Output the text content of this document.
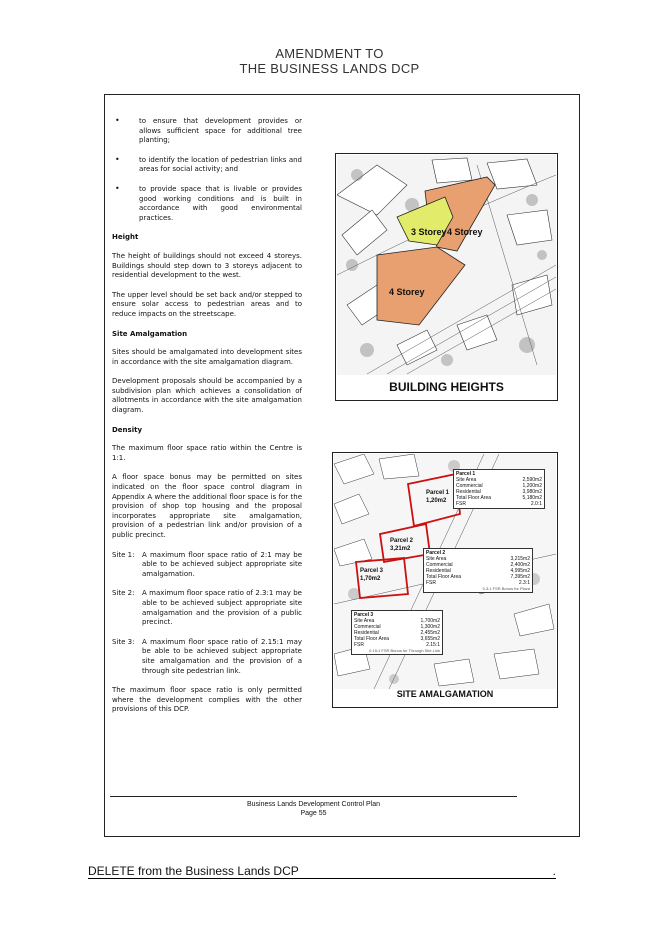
AMENDMENT TO
THE BUSINESS LANDS DCP
•	to ensure that development provides or allows sufficient space for additional tree planting;
•	to identify the location of pedestrian links and areas for social activity; and
•	to provide space that is livable or provides good working conditions and is built in accordance with good environmental practices.
Height

The height of buildings should not exceed 4 storeys. Buildings should step down to 3 storeys adjacent to residential development to the west.

The upper level should be set back and/or stepped to ensure solar access to pedestrian areas and to reduce impacts on the streetscape.

Site Amalgamation

Sites should be amalgamated into development sites in accordance with the site amalgamation diagram.

Development proposals should be accompanied by a subdivision plan which achieves a consolidation of allotments in accordance with the site amalgamation diagram.

Density

The maximum floor space ratio within the Centre is 1:1.

A floor space bonus may be permitted on sites indicated on the floor space control diagram in Appendix A where the additional floor space is for the provision of shop top housing and the proposal incorporates appropriate site amalgamation, provision of a pedestrian link and/or provision of a public precinct.

Site 1: A maximum floor space ratio of 2:1 may be able to be achieved subject appropriate site amalgamation.
Site 2: A maximum floor space ratio of 2.3:1 may be able to be achieved subject appropriate site amalgamation and the provision of a public precinct.
Site 3: A maximum floor space ratio of 2.15:1 may be able to be achieved subject appropriate site amalgamation and the provision of a through site pedestrian link.

The maximum floor space ratio is only permitted where the development complies with the other provisions of this DCP.

3 Storey 4 Storey
4 Storey
BUILDING HEIGHTS
Parcel 1
1,20m2
Parcel 2
3,21m2
Parcel 3
1,70m2
Parcel 1
Site Area	2,590m2
Commercial	1,200m2
Residential	3,980m2
Total Floor Area	5,180m2
FSR	2.0:1
Parcel 2
Site Area	3,215m2
Commercial	2,400m2
Residential	4,995m2
Total Floor Area	7,395m2
FSR	2.3:1
0.3:1 FSR Bonus for Plaza
Parcel 3
Site Area	1,700m2
Commercial	1,300m2
Residential	2,455m2
Total Floor Area	3,655m2
FSR	2.15:1
0.15:1 FSR Bonus for Through Site Link
SITE AMALGAMATION
Business Lands Development Control Plan
Page 55
DELETE from the Business Lands DCP	.
